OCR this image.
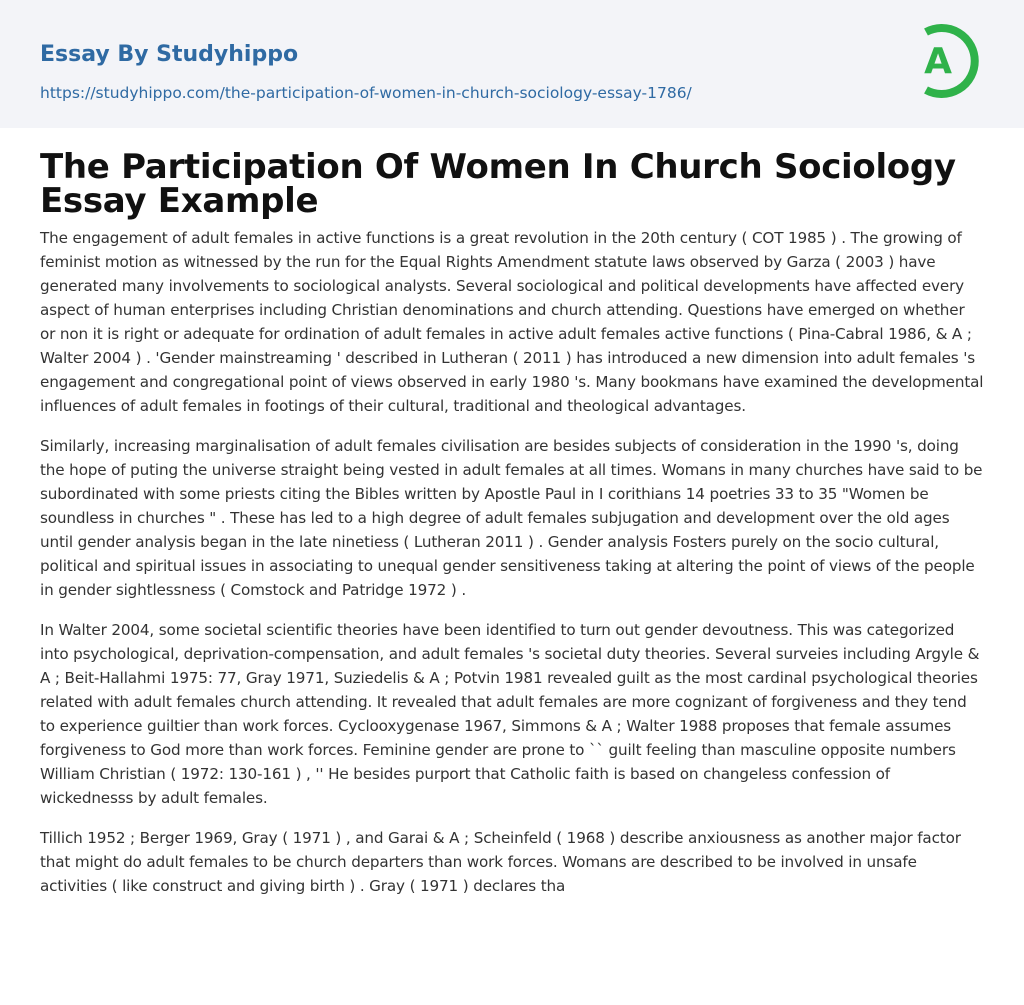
Essay By Studyhippo
https://studyhippo.com/the-participation-of-women-in-church-sociology-essay-1786/
A
The Participation Of Women In Church Sociology Essay Example

The engagement of adult females in active functions is a great revolution in the 20th century ( COT 1985 ) . The growing of feminist motion as witnessed by the run for the Equal Rights Amendment statute laws observed by Garza ( 2003 ) have generated many involvements to sociological analysts. Several sociological and political developments have affected every aspect of human enterprises including Christian denominations and church attending. Questions have emerged on whether or non it is right or adequate for ordination of adult females in active adult females active functions ( Pina-Cabral 1986, & A ; Walter 2004 ) . 'Gender mainstreaming ' described in Lutheran ( 2011 ) has introduced a new dimension into adult females 's engagement and congregational point of views observed in early 1980 's. Many bookmans have examined the developmental influences of adult females in footings of their cultural, traditional and theological advantages.

Similarly, increasing marginalisation of adult females civilisation are besides subjects of consideration in the 1990 's, doing the hope of puting the universe straight being vested in adult females at all times. Womans in many churches have said to be subordinated with some priests citing the Bibles written by Apostle Paul in I corithians 14 poetries 33 to 35 "Women be soundless in churches " . These has led to a high degree of adult females subjugation and development over the old ages until gender analysis began in the late ninetiess ( Lutheran 2011 ) . Gender analysis Fosters purely on the socio cultural, political and spiritual issues in associating to unequal gender sensitiveness taking at altering the point of views of the people in gender sightlessness ( Comstock and Patridge 1972 ) .

In Walter 2004, some societal scientific theories have been identified to turn out gender devoutness. This was categorized into psychological, deprivation-compensation, and adult females 's societal duty theories. Several surveies including Argyle & A ; Beit-Hallahmi 1975: 77, Gray 1971, Suziedelis & A ; Potvin 1981 revealed guilt as the most cardinal psychological theories related with adult females church attending. It revealed that adult females are more cognizant of forgiveness and they tend to experience guiltier than work forces. Cyclooxygenase 1967, Simmons & A ; Walter 1988 proposes that female assumes forgiveness to God more than work forces. Feminine gender are prone to `` guilt feeling than masculine opposite numbers William Christian ( 1972: 130-161 ) , '' He besides purport that Catholic faith is based on changeless confession of wickednesss by adult females.

Tillich 1952 ; Berger 1969, Gray ( 1971 ) , and Garai & A ; Scheinfeld ( 1968 ) describe anxiousness as another major factor that might do adult females to be church departers than work forces. Womans are described to be involved in unsafe activities ( like construct and giving birth ) . Gray ( 1971 ) declares tha
